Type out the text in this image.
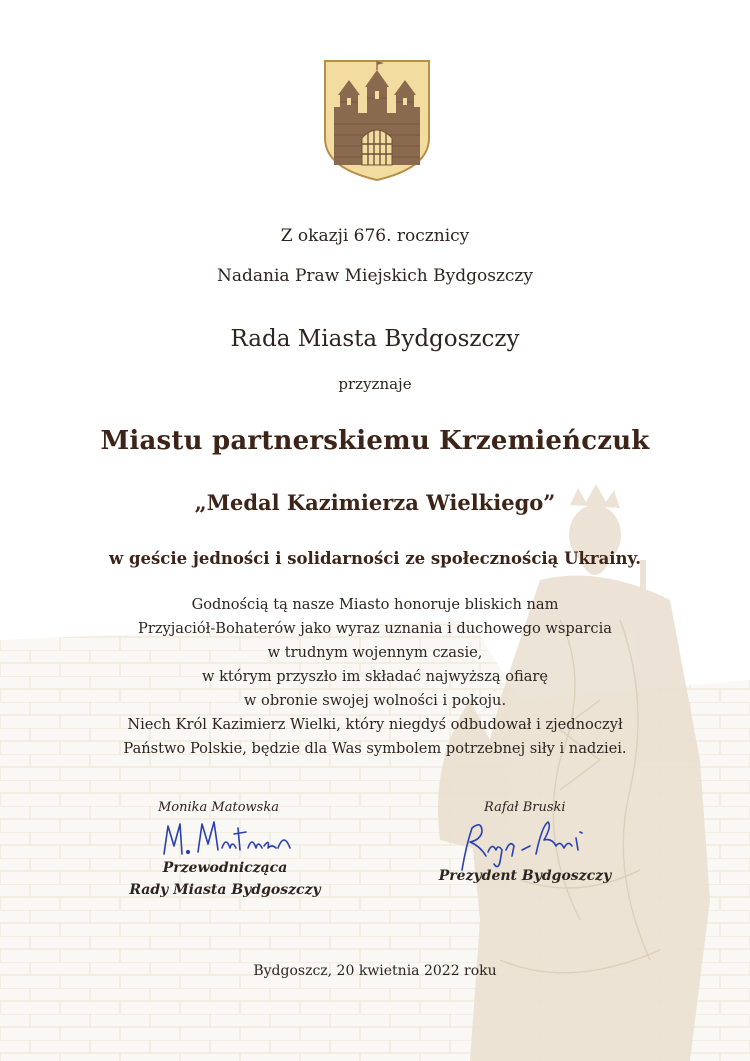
Z okazji 676. rocznicy
Nadania Praw Miejskich Bydgoszczy
Rada Miasta Bydgoszczy
przyznaje
Miastu partnerskiemu Krzemieńczuk
„Medal Kazimierza Wielkiego”
w geście jedności i solidarności ze społecznością Ukrainy.
Godnością tą nasze Miasto honoruje bliskich nam
Przyjaciół-Bohaterów jako wyraz uznania i duchowego wsparcia
w trudnym wojennym czasie,
w którym przyszło im składać najwyższą ofiarę
w obronie swojej wolności i pokoju.
Niech Król Kazimierz Wielki, który niegdyś odbudował i zjednoczył
Państwo Polskie, będzie dla Was symbolem potrzebnej siły i nadziei.
Monika Matowska
Przewodnicząca
Rady Miasta Bydgoszczy
Rafał Bruski
Prezydent Bydgoszczy
Bydgoszcz, 20 kwietnia 2022 roku
